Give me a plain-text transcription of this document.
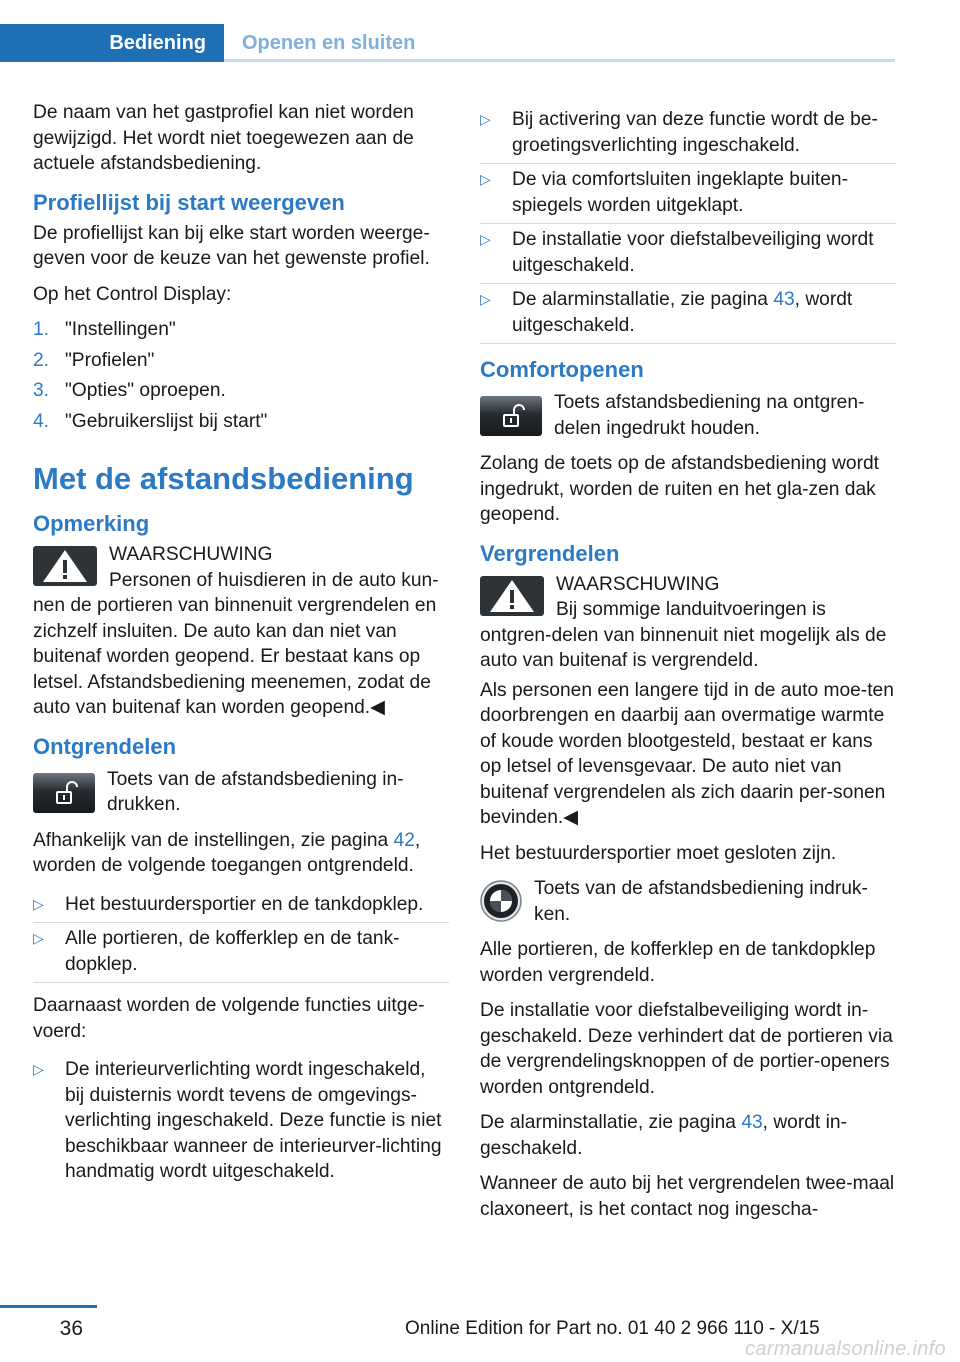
Bediening Openen en sluiten

De naam van het gastprofiel kan niet worden gewijzigd. Het wordt niet toegewezen aan de actuele afstandsbediening.

Profiellijst bij start weergeven

De profiellijst kan bij elke start worden weerge‐geven voor de keuze van het gewenste profiel.

Op het Control Display:

1. "Instellingen"
2. "Profielen"
3. "Opties" oproepen.
4. "Gebruikerslijst bij start"
Met de afstandsbediening
Opmerking
WAARSCHUWING
Personen of huisdieren in de auto kun‐nen de portieren van binnenuit vergrendelen en zichzelf insluiten. De auto kan dan niet van buitenaf worden geopend. Er bestaat kans op letsel. Afstandsbediening meenemen, zodat de auto van buitenaf kan worden geopend.◀
Ontgrendelen
Toets van de afstandsbediening in‐drukken.

Afhankelijk van de instellingen, zie pagina 42, worden de volgende toegangen ontgrendeld.

▷	Het bestuurdersportier en de tankdopklep.
▷	Alle portieren, de kofferklep en de tank‐dopklep.

Daarnaast worden de volgende functies uitge‐voerd:

▷	De interieurverlichting wordt ingeschakeld, bij duisternis wordt tevens de omgevings‐verlichting ingeschakeld. Deze functie is niet beschikbaar wanneer de interieurver‐lichting handmatig wordt uitgeschakeld.
▷	Bij activering van deze functie wordt de be‐groetingsverlichting ingeschakeld.
▷	De via comfortsluiten ingeklapte buiten‐spiegels worden uitgeklapt.
▷	De installatie voor diefstalbeveiliging wordt uitgeschakeld.
▷	De alarminstallatie, zie pagina 43, wordt uitgeschakeld.
Comfortopenen
Toets afstandsbediening na ontgren‐delen ingedrukt houden.

Zolang de toets op de afstandsbediening wordt ingedrukt, worden de ruiten en het gla‐zen dak geopend.

Vergrendelen
WAARSCHUWING
Bij sommige landuitvoeringen is ontgren‐delen van binnenuit niet mogelijk als de auto van buitenaf is vergrendeld.

Als personen een langere tijd in de auto moe‐ten doorbrengen en daarbij aan overmatige warmte of koude worden blootgesteld, bestaat er kans op letsel of levensgevaar. De auto niet van buitenaf vergrendelen als zich daarin per‐sonen bevinden.◀

Het bestuurdersportier moet gesloten zijn.

Toets van de afstandsbediening indruk‐ken.

Alle portieren, de kofferklep en de tankdopklep worden vergrendeld.

De installatie voor diefstalbeveiliging wordt in‐geschakeld. Deze verhindert dat de portieren via de vergrendelingsknoppen of de portier‐openers worden ontgrendeld.

De alarminstallatie, zie pagina 43, wordt in‐geschakeld.

Wanneer de auto bij het vergrendelen twee‐maal claxoneert, is het contact nog ingescha‐

36	Online Edition for Part no. 01 40 2 966 110 - X/15
carmanualsonline.info
